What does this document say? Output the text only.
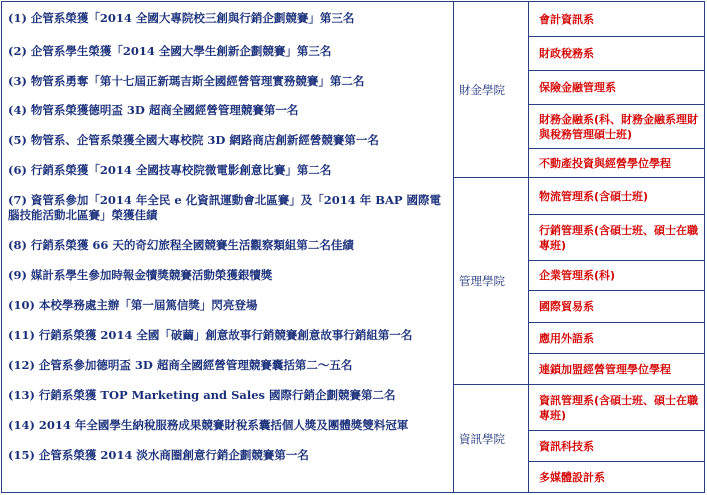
(1) 企管系榮獲「2014 全國大專院校三創與行銷企劃競賽」第三名
(2) 企管系學生榮獲「2014 全國大學生創新企劃競賽」第三名
(3) 物管系勇奪「第十七屆正新瑪吉斯全國經營管理實務競賽」第二名
(4) 物管系榮獲德明盃 3D 超商全國經營管理競賽第一名
(5) 物管系、企管系榮獲全國大專校院 3D 網路商店創新經營競賽第一名
(6) 行銷系榮獲「2014 全國技專校院微電影創意比賽」第二名
(7) 資管系參加「2014 年全民 e 化資訊運動會北區賽」及「2014 年 BAP 國際電腦技能活動北區賽」榮獲佳績
(8) 行銷系榮獲 66 天的奇幻旅程全國競賽生活觀察類組第二名佳績
(9) 媒計系學生參加時報金犢獎競賽活動榮獲銀犢獎
(10) 本校學務處主辦「第一屆篤信獎」閃亮登場
(11) 行銷系榮獲 2014 全國「破繭」創意故事行銷競賽創意故事行銷組第一名
(12) 企管系參加德明盃 3D 超商全國經營管理競賽囊括第二～五名
(13) 行銷系榮獲 TOP Marketing and Sales 國際行銷企劃競賽第二名
(14) 2014 年全國學生納稅服務成果競賽財稅系囊括個人獎及團體獎雙料冠軍
(15) 企管系榮獲 2014 淡水商圈創意行銷企劃競賽第一名
財金學院
管理學院
資訊學院
會計資訊系
財政稅務系
保險金融管理系
財務金融系(科、財務金融系理財與稅務管理碩士班)
不動產投資與經營學位學程
物流管理系(含碩士班)
行銷管理系(含碩士班、碩士在職專班)
企業管理系(科)
國際貿易系
應用外語系
連鎖加盟經營管理學位學程
資訊管理系(含碩士班、碩士在職專班)
資訊科技系
多媒體設計系
